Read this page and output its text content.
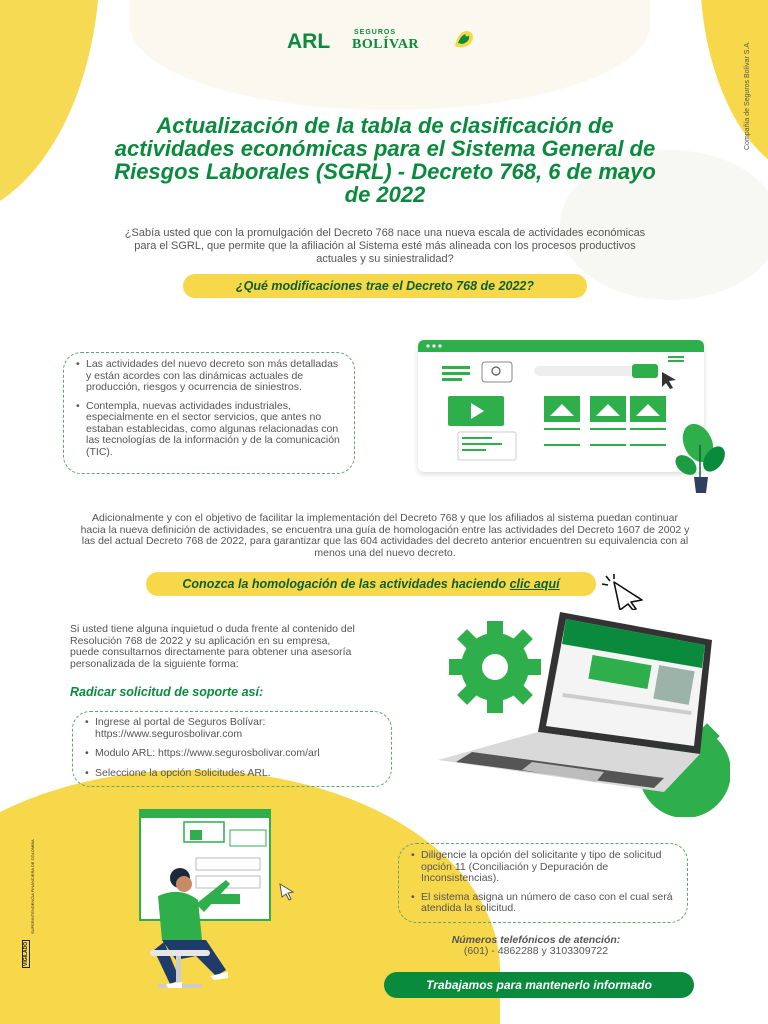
ARL	SEGUROS
BOLÍVAR	Compañía de Seguros Bolívar S.A.
Actualización de la tabla de clasificación de actividades económicas para el Sistema General de Riesgos Laborales (SGRL) - Decreto 768, 6 de mayo de 2022
¿Sabía usted que con la promulgación del Decreto 768 nace una nueva escala de actividades económicas para el SGRL, que permite que la afiliación al Sistema esté más alineada con los procesos productivos actuales y su siniestralidad?
¿Qué modificaciones trae el Decreto 768 de 2022?
• Las actividades del nuevo decreto son más detalladas y están acordes con las dinámicas actuales de producción, riesgos y ocurrencia de siniestros.
• Contempla, nuevas actividades industriales, especialmente en el sector servicios, que antes no estaban establecidas, como algunas relacionadas con las tecnologías de la información y de la comunicación (TIC).
Adicionalmente y con el objetivo de facilitar la implementación del Decreto 768 y que los afiliados al sistema puedan continuar hacia la nueva definición de actividades, se encuentra una guía de homologación entre las actividades del Decreto 1607 de 2002 y las del actual Decreto 768 de 2022, para garantizar que las 604 actividades del decreto anterior encuentren su equivalencia con al menos una del nuevo decreto.
Conozca la homologación de las actividades haciendo clic aquí
Si usted tiene alguna inquietud o duda frente al contenido del Resolución 768 de 2022 y su aplicación en su empresa, puede consultarnos directamente para obtener una asesoría personalizada de la siguiente forma:
Radicar solicitud de soporte así:
• Ingrese al portal de Seguros Bolívar: https://www.segurosbolivar.com
• Modulo ARL: https://www.segurosbolivar.com/arl
• Seleccione la opción Solicitudes ARL.
• Diligencie la opción del solicitante y tipo de solicitud opción 11 (Conciliación y Depuración de Inconsistencias).
• El sistema asigna un número de caso con el cual será atendida la solicitud.
Números telefónicos de atención:
(601) - 4862288 y 3103309722
Trabajamos para mantenerlo informado
VIGILADO
